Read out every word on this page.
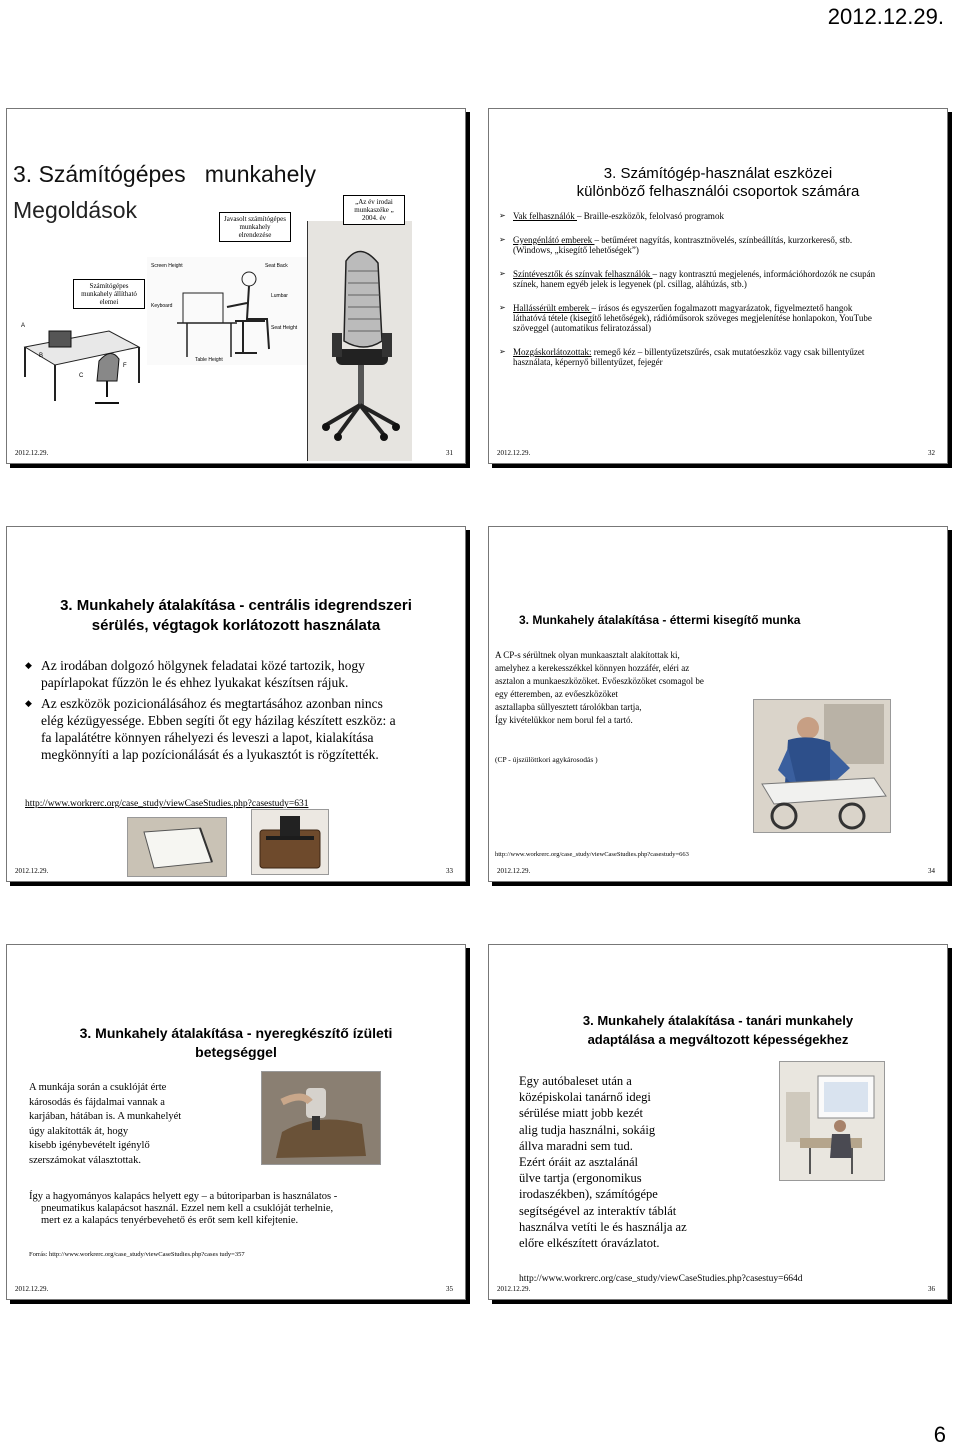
2012.12.29.
3. Számítógépes   munkahely
Megoldások	Javasolt számítógépes munkahely elrendezése
„Az év irodai munkaszéke „ 2004. év
Screen Height
Keyboard
Seat Back
Lumbar
Seat Height
Table Height
Számítógépes munkahely állítható elemei
A
B
C
F
2012.12.29.	31
3. Számítógép-használat eszközei
különböző felhasználói csoportok számára
➢ Vak felhasználók – Braille-eszközök, felolvasó programok
➢ Gyengénlátó emberek – betűméret nagyítás, kontrasztnövelés, színbeállítás, kurzorkereső, stb. (Windows, „kisegítő lehetőségek”)
➢ Színtévesztők és színvak felhasználók – nagy kontrasztú megjelenés, információhordozók ne csupán színek, hanem egyéb jelek is legyenek (pl. csillag, aláhúzás, stb.)
➢ Hallássérült emberek – írásos és egyszerűen fogalmazott magyarázatok, figyelmeztető hangok láthatóvá tétele (kisegítő lehetőségek), rádióműsorok szöveges megjelenítése honlapokon, YouTube szöveggel (automatikus feliratozással)
➢ Mozgáskorlátozottak: remegő kéz – billentyűzetszűrés, csak mutatóeszköz vagy csak billentyűzet használata, képernyő billentyűzet, fejegér
2012.12.29.	32
3. Munkahely átalakítása - centrális idegrendszeri
sérülés, végtagok korlátozott használata
◆ Az irodában dolgozó hölgynek feladatai közé tartozik, hogy papírlapokat fűzzön le és ehhez lyukakat készítsen rájuk.
◆ Az eszközök pozicionálásához és megtartásához azonban nincs elég kézügyessége. Ebben segíti őt egy házilag készített eszköz: a fa lapalátétre könnyen ráhelyezi és leveszi a lapot, kialakítása megkönnyíti a lap pozícionálását és a lyukasztót is rögzítették.
http://www.workrerc.org/case_study/viewCaseStudies.php?casestudy=631
2012.12.29.	33
3. Munkahely átalakítása - éttermi kisegítő munka
A CP-s sérültnek olyan munkaasztalt alakítottak ki,
amelyhez a kerekesszékkel könnyen hozzáfér, eléri az
asztalon a munkaeszközöket. Evőeszközöket csomagol be
egy étteremben, az evőeszközöket
asztallapba süllyesztett tárolókban tartja,
Így kivételükkor nem borul fel a tartó.
(CP - újszülöttkori agykárosodás )
http://www.workrerc.org/case_study/viewCaseStudies.php?casestudy=663
2012.12.29.	34
3. Munkahely átalakítása - nyeregkészítő ízületi
betegséggel
A munkája során a csuklóját érte
károsodás és fájdalmai vannak a
karjában, hátában is. A munkahelyét
úgy alakították át, hogy
kisebb igénybevételt igénylő
szerszámokat választottak.
Így a hagyományos kalapács helyett egy – a bútoriparban is használatos -
pneumatikus kalapácsot használ. Ezzel nem kell a csuklóját terhelnie,
mert ez a kalapács tenyérbevehető és erőt sem kell kifejtenie.
Forrás: http://www.workrerc.org/case_study/viewCaseStudies.php?cases tudy=357
2012.12.29.	35
3. Munkahely átalakítása - tanári munkahely
adaptálása a megváltozott képességekhez
Egy autóbaleset után a
középiskolai tanárnő idegi
sérülése miatt jobb kezét
alig tudja használni, sokáig
állva maradni sem tud.
Ezért óráit az asztalánál
ülve tartja (ergonomikus
irodaszékben), számítógépe
segítségével az interaktív táblát
használva vetíti le és használja az
előre elkészített óravázlatot.
http://www.workrerc.org/case_study/viewCaseStudies.php?casestuy=664d
2012.12.29.	36
6
